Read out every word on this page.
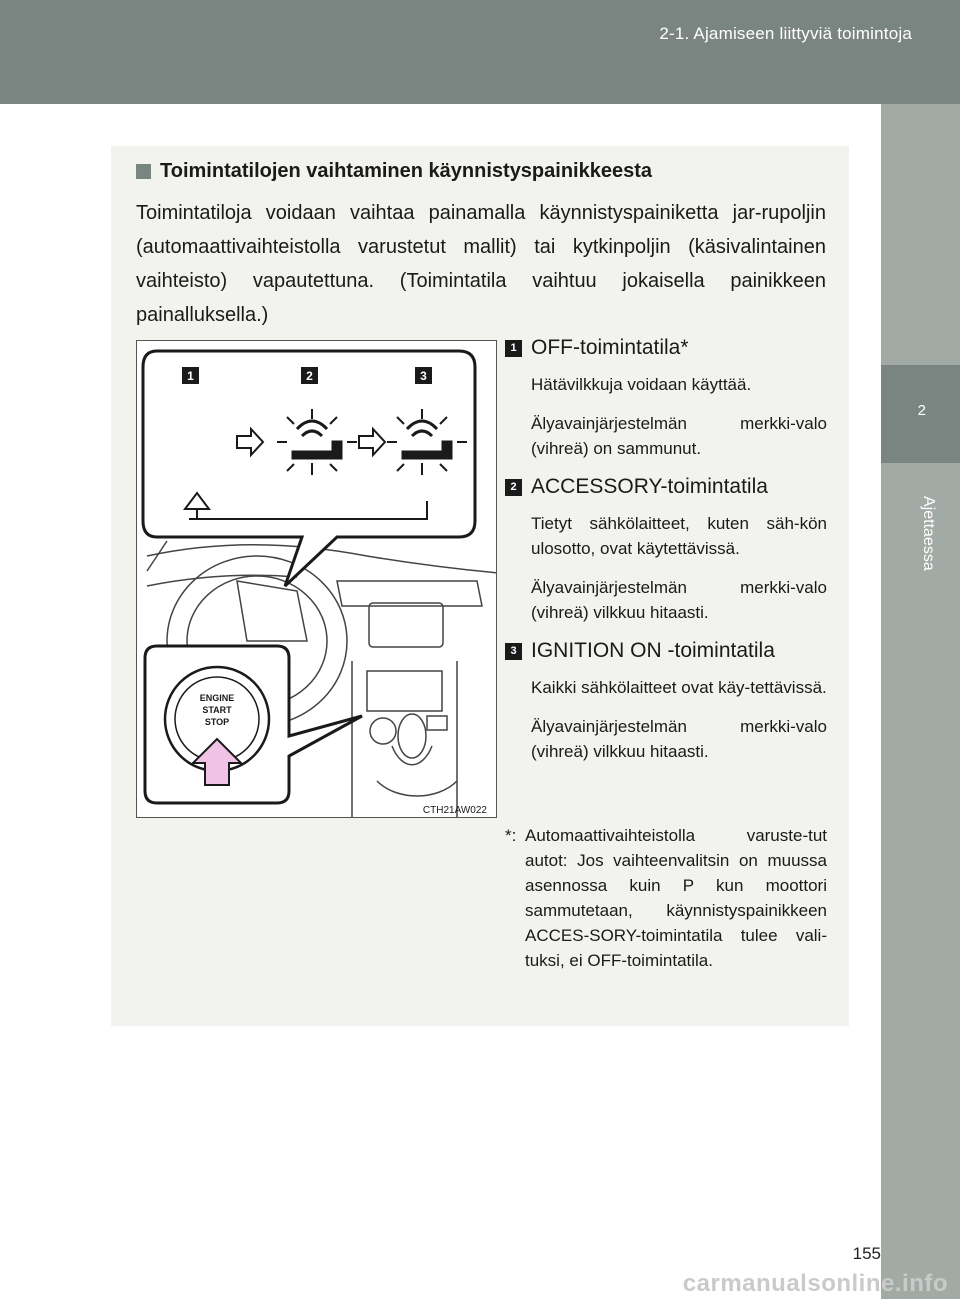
2-1. Ajamiseen liittyviä toimintoja
2
Ajettaessa
Toimintatilojen vaihtaminen käynnistyspainikkeesta
Toimintatiloja voidaan vaihtaa painamalla käynnistyspainiketta jar-rupoljin (automaattivaihteistolla varustetut mallit) tai kytkinpoljin (käsivalintainen vaihteisto) vapautettuna. (Toimintatila vaihtuu jokaisella painikkeen painalluksella.)
1	2	3
ENGINE
START
STOP
CTH21AW022
1 OFF-toimintatila*

Hätävilkkuja voidaan käyttää.

Älyavainjärjestelmän merkki-valo (vihreä) on sammunut.

2 ACCESSORY-toimintatila

Tietyt sähkölaitteet, kuten säh-kön ulosotto, ovat käytettävissä.

Älyavainjärjestelmän merkki-valo (vihreä) vilkkuu hitaasti.

3 IGNITION ON -toimintatila

Kaikki sähkölaitteet ovat käy-tettävissä.

Älyavainjärjestelmän merkki-valo (vihreä) vilkkuu hitaasti.

*: Automaattivaihteistolla varuste-tut autot: Jos vaihteenvalitsin on muussa asennossa kuin P kun moottori sammutetaan, käynnistyspainikkeen ACCES-SORY-toimintatila tulee vali-tuksi, ei OFF-toimintatila.

155
carmanualsonline.info
